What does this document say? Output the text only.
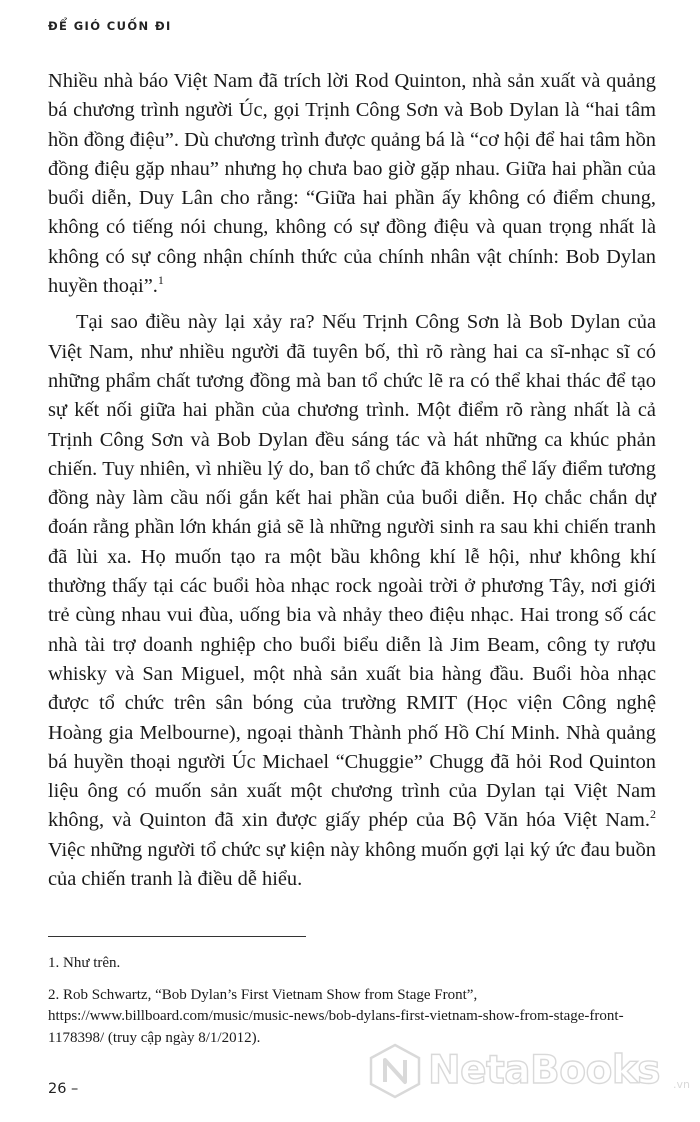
ĐỂ GIÓ CUỐN ĐI

Nhiều nhà báo Việt Nam đã trích lời Rod Quinton, nhà sản xuất và quảng bá chương trình người Úc, gọi Trịnh Công Sơn và Bob Dylan là “hai tâm hồn đồng điệu”. Dù chương trình được quảng bá là “cơ hội để hai tâm hồn đồng điệu gặp nhau” nhưng họ chưa bao giờ gặp nhau. Giữa hai phần của buổi diễn, Duy Lân cho rằng: “Giữa hai phần ấy không có điểm chung, không có tiếng nói chung, không có sự đồng điệu và quan trọng nhất là không có sự công nhận chính thức của chính nhân vật chính: Bob Dylan huyền thoại”.$^1$

Tại sao điều này lại xảy ra? Nếu Trịnh Công Sơn là Bob Dylan của Việt Nam, như nhiều người đã tuyên bố, thì rõ ràng hai ca sĩ-nhạc sĩ có những phẩm chất tương đồng mà ban tổ chức lẽ ra có thể khai thác để tạo sự kết nối giữa hai phần của chương trình. Một điểm rõ ràng nhất là cả Trịnh Công Sơn và Bob Dylan đều sáng tác và hát những ca khúc phản chiến. Tuy nhiên, vì nhiều lý do, ban tổ chức đã không thể lấy điểm tương đồng này làm cầu nối gắn kết hai phần của buổi diễn. Họ chắc chắn dự đoán rằng phần lớn khán giả sẽ là những người sinh ra sau khi chiến tranh đã lùi xa. Họ muốn tạo ra một bầu không khí lễ hội, như không khí thường thấy tại các buổi hòa nhạc rock ngoài trời ở phương Tây, nơi giới trẻ cùng nhau vui đùa, uống bia và nhảy theo điệu nhạc. Hai trong số các nhà tài trợ doanh nghiệp cho buổi biểu diễn là Jim Beam, công ty rượu whisky và San Miguel, một nhà sản xuất bia hàng đầu. Buổi hòa nhạc được tổ chức trên sân bóng của trường RMIT (Học viện Công nghệ Hoàng gia Melbourne), ngoại thành Thành phố Hồ Chí Minh. Nhà quảng bá huyền thoại người Úc Michael “Chuggie” Chugg đã hỏi Rod Quinton liệu ông có muốn sản xuất một chương trình của Dylan tại Việt Nam không, và Quinton đã xin được giấy phép của Bộ Văn hóa Việt Nam.$^2$ Việc những người tổ chức sự kiện này không muốn gợi lại ký ức đau buồn của chiến tranh là điều dễ hiểu.

1. Như trên.

2. Rob Schwartz, “Bob Dylan’s First Vietnam Show from Stage Front”, https://www.billboard.com/music/music-news/bob-dylans-first-vietnam-show-from-stage-front-1178398/ (truy cập ngày 8/1/2012).

26 –	NetaBooks .vn
